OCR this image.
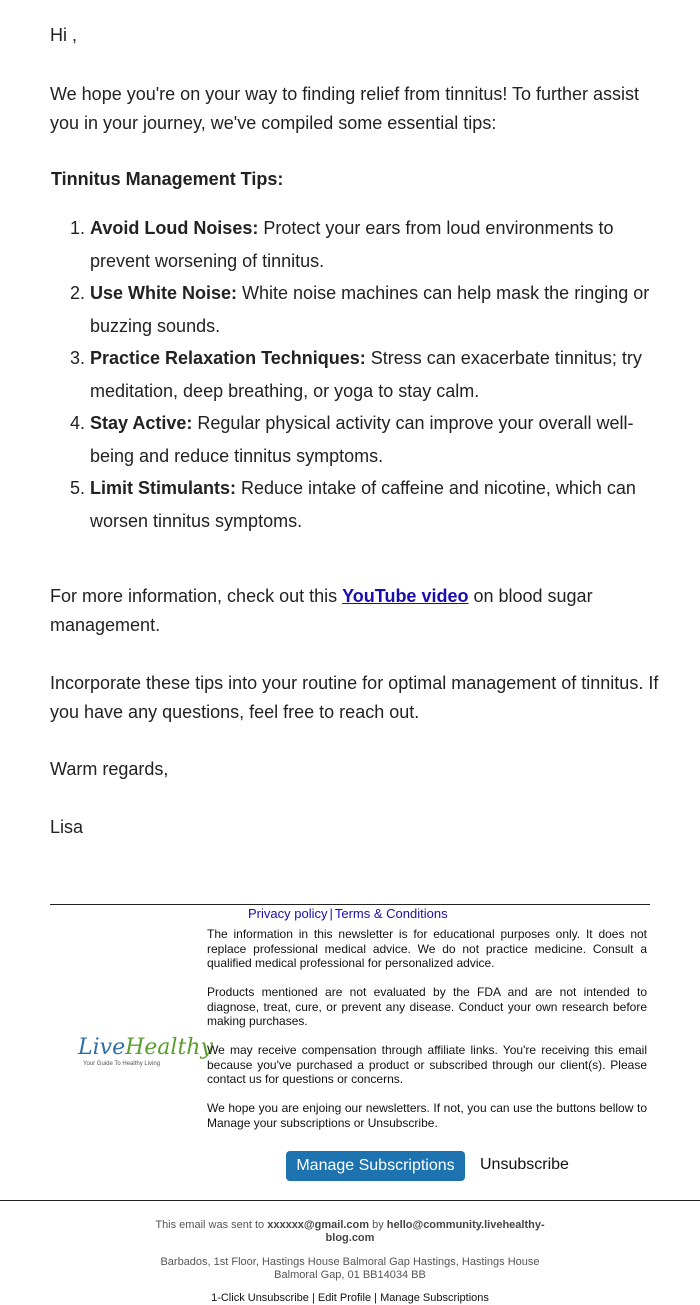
Hi ,
We hope you're on your way to finding relief from tinnitus! To further assist you in your journey, we've compiled some essential tips:
Tinnitus Management Tips:
1. Avoid Loud Noises: Protect your ears from loud environments to prevent worsening of tinnitus.
2. Use White Noise: White noise machines can help mask the ringing or buzzing sounds.
3. Practice Relaxation Techniques: Stress can exacerbate tinnitus; try meditation, deep breathing, or yoga to stay calm.
4. Stay Active: Regular physical activity can improve your overall well-being and reduce tinnitus symptoms.
5. Limit Stimulants: Reduce intake of caffeine and nicotine, which can worsen tinnitus symptoms.
For more information, check out this YouTube video on blood sugar management.
Incorporate these tips into your routine for optimal management of tinnitus. If you have any questions, feel free to reach out.
Warm regards,
Lisa
Privacy policy | Terms & Conditions
LiveHealthy
Your Guide To Healthy Living

The information in this newsletter is for educational purposes only. It does not replace professional medical advice. We do not practice medicine. Consult a qualified medical professional for personalized advice.

Products mentioned are not evaluated by the FDA and are not intended to diagnose, treat, cure, or prevent any disease. Conduct your own research before making purchases.

We may receive compensation through affiliate links. You're receiving this email because you've purchased a product or subscribed through our client(s). Please contact us for questions or concerns.

We hope you are enjoing our newsletters. If not, you can use the buttons bellow to Manage your subscriptions or Unsubscribe.

Manage Subscriptions	Unsubscribe
This email was sent to xxxxxx@gmail.com by hello@community.livehealthy-blog.com
Barbados, 1st Floor, Hastings House Balmoral Gap Hastings, Hastings House Balmoral Gap, 01 BB14034 BB
1-Click Unsubscribe | Edit Profile | Manage Subscriptions
